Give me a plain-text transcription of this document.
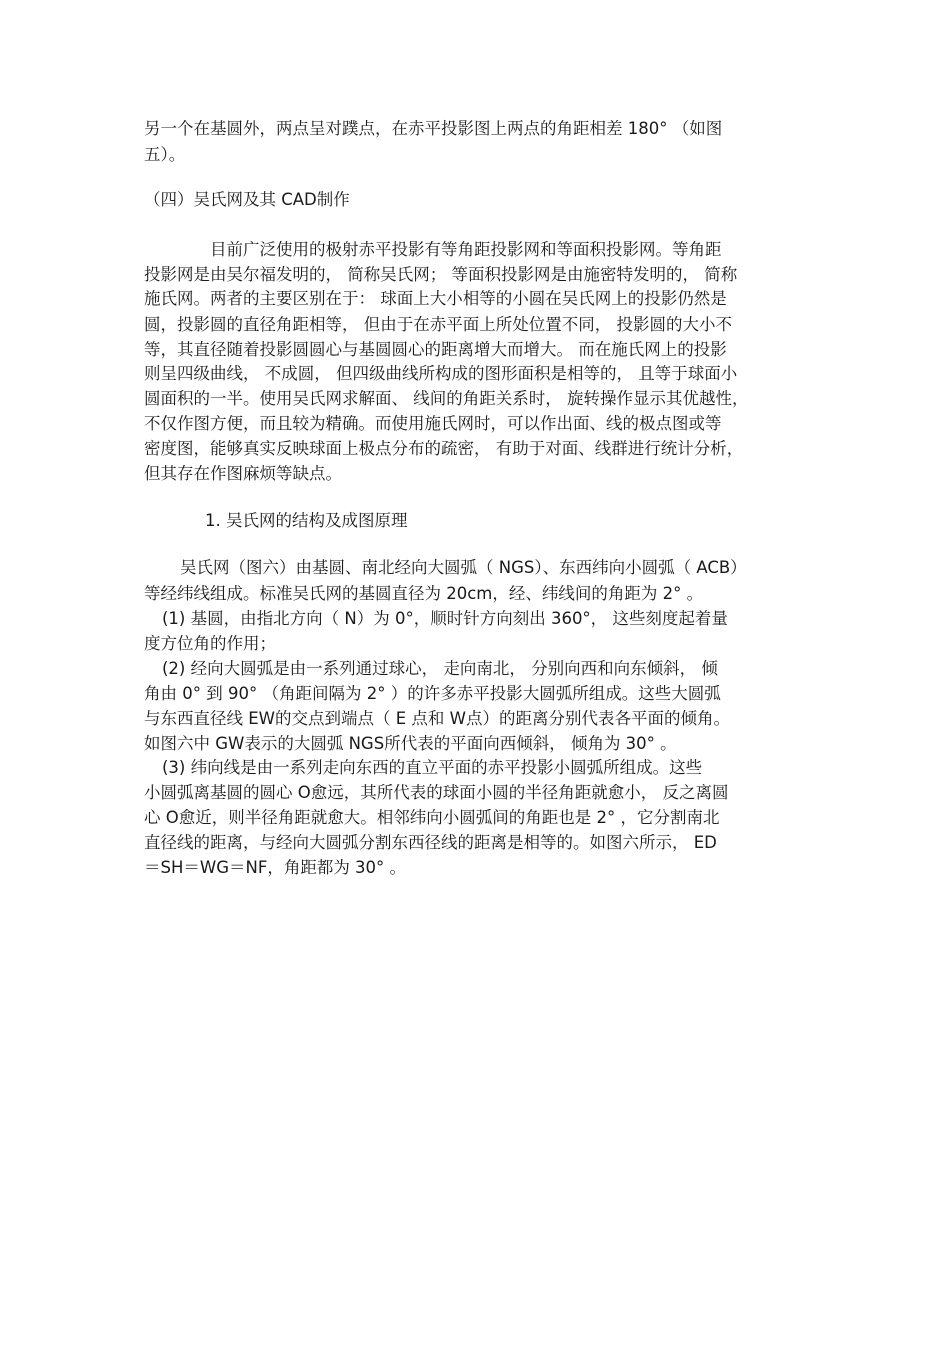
另一个在基圆外，两点呈对蹼点，在赤平投影图上两点的角距相差 180° （如图
五）。
（四）吴氏网及其 CAD制作
目前广泛使用的极射赤平投影有等角距投影网和等面积投影网。等角距
投影网是由吴尔福发明的， 简称吴氏网； 等面积投影网是由施密特发明的， 简称
施氏网。两者的主要区别在于： 球面上大小相等的小圆在吴氏网上的投影仍然是
圆，投影圆的直径角距相等， 但由于在赤平面上所处位置不同， 投影圆的大小不
等，其直径随着投影圆圆心与基圆圆心的距离增大而增大。 而在施氏网上的投影
则呈四级曲线， 不成圆， 但四级曲线所构成的图形面积是相等的， 且等于球面小
圆面积的一半。使用吴氏网求解面、 线间的角距关系时， 旋转操作显示其优越性，
不仅作图方便，而且较为精确。而使用施氏网时，可以作出面、线的极点图或等
密度图，能够真实反映球面上极点分布的疏密， 有助于对面、线群进行统计分析，
但其存在作图麻烦等缺点。
1. 吴氏网的结构及成图原理
吴氏网（图六）由基圆、南北经向大圆弧（ NGS）、东西纬向小圆弧（ ACB）
等经纬线组成。标准吴氏网的基圆直径为 20cm，经、纬线间的角距为 2° 。
(1) 基圆，由指北方向（ N）为 0°，顺时针方向刻出 360°， 这些刻度起着量
度方位角的作用；
(2) 经向大圆弧是由一系列通过球心， 走向南北， 分别向西和向东倾斜， 倾
角由 0° 到 90° （角距间隔为 2° ）的许多赤平投影大圆弧所组成。这些大圆弧
与东西直径线 EW的交点到端点（ E 点和 W点）的距离分别代表各平面的倾角。
如图六中 GW表示的大圆弧 NGS所代表的平面向西倾斜， 倾角为 30° 。
(3) 纬向线是由一系列走向东西的直立平面的赤平投影小圆弧所组成。这些
小圆弧离基圆的圆心 O愈远，其所代表的球面小圆的半径角距就愈小， 反之离圆
心 O愈近，则半径角距就愈大。相邻纬向小圆弧间的角距也是 2° ，它分割南北
直径线的距离，与经向大圆弧分割东西径线的距离是相等的。如图六所示， ED
＝SH＝WG＝NF，角距都为 30° 。
